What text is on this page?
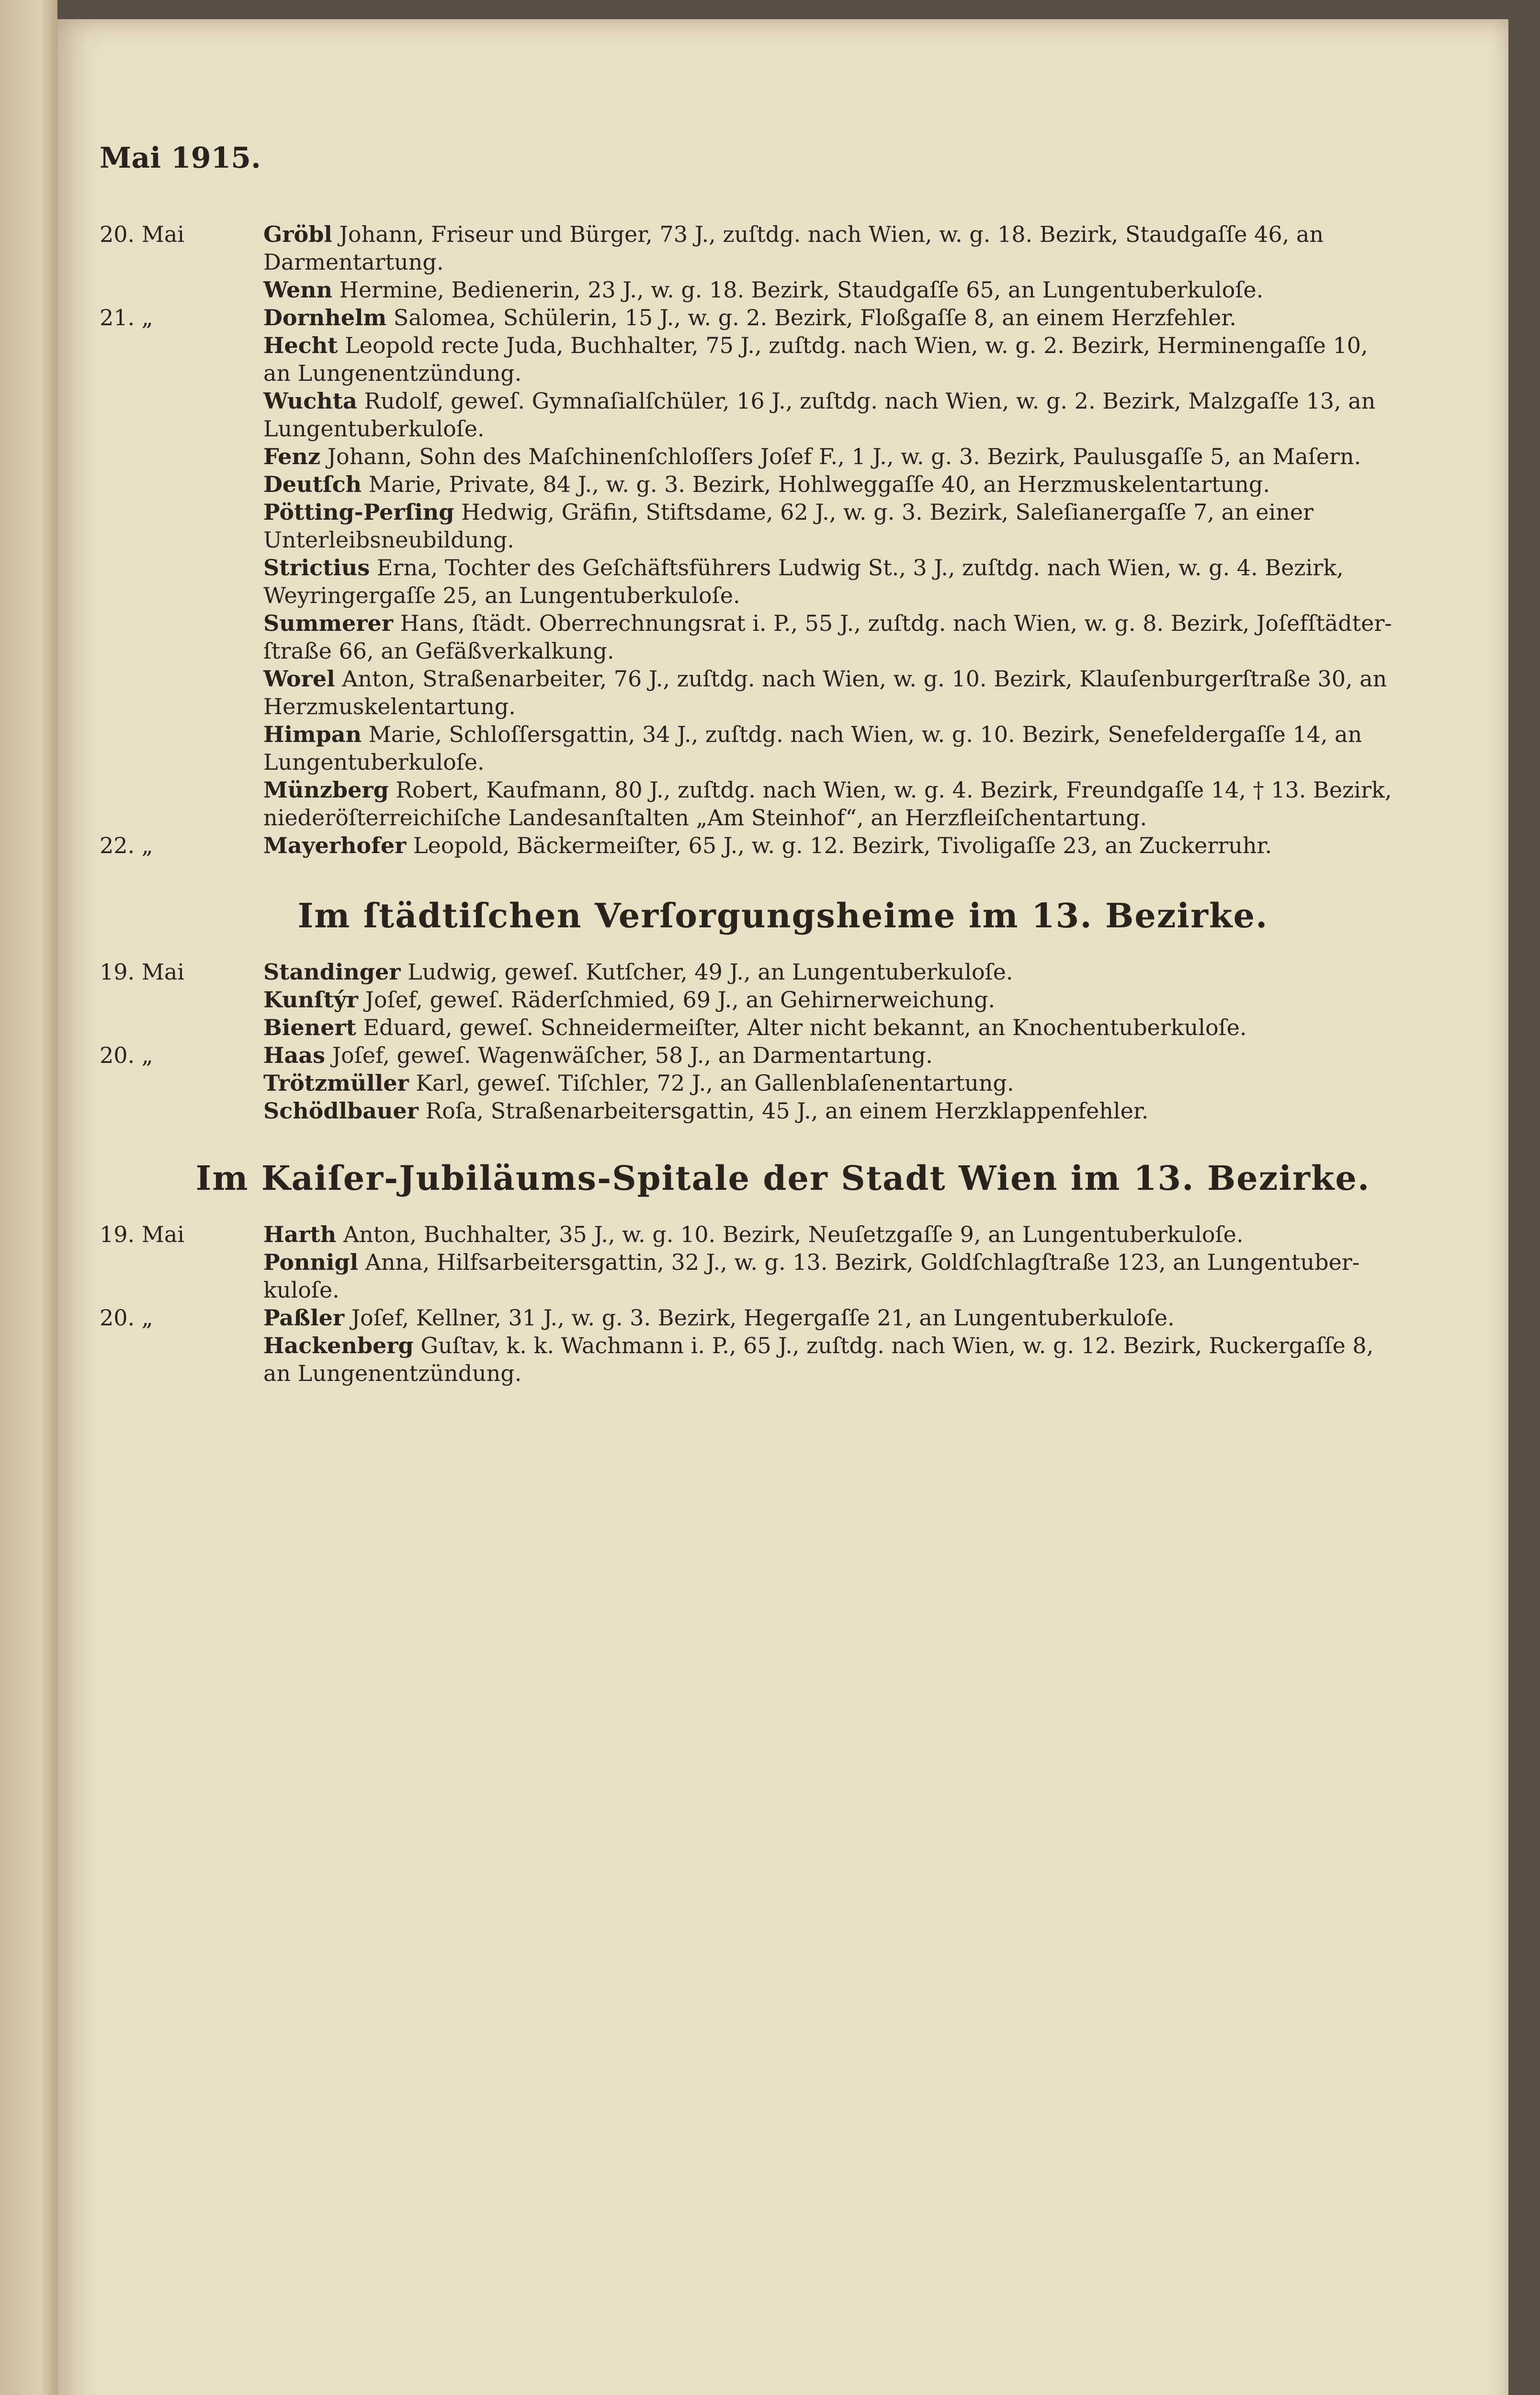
Mai 1915.
20. Mai	Gröbl Johann, Friseur und Bürger, 73 J., zuſtdg. nach Wien, w. g. 18. Bezirk, Staudgaſſe 46, an
Darmentartung.
Wenn Hermine, Bedienerin, 23 J., w. g. 18. Bezirk, Staudgaſſe 65, an Lungentuberkuloſe.
21. „	Dornhelm Salomea, Schülerin, 15 J., w. g. 2. Bezirk, Floßgaſſe 8, an einem Herzfehler.
Hecht Leopold recte Juda, Buchhalter, 75 J., zuſtdg. nach Wien, w. g. 2. Bezirk, Herminengaſſe 10,
an Lungenentzündung.
Wuchta Rudolf, geweſ. Gymnaſialſchüler, 16 J., zuſtdg. nach Wien, w. g. 2. Bezirk, Malzgaſſe 13, an
Lungentuberkuloſe.
Fenz Johann, Sohn des Maſchinenſchloſſers Joſef F., 1 J., w. g. 3. Bezirk, Paulusgaſſe 5, an Maſern.
Deutſch Marie, Private, 84 J., w. g. 3. Bezirk, Hohlweggaſſe 40, an Herzmuskelentartung.
Pötting-Perſing Hedwig, Gräfin, Stiftsdame, 62 J., w. g. 3. Bezirk, Saleſianergaſſe 7, an einer
Unterleibsneubildung.
Strictius Erna, Tochter des Geſchäftsführers Ludwig St., 3 J., zuſtdg. nach Wien, w. g. 4. Bezirk,
Weyringergaſſe 25, an Lungentuberkuloſe.
Summerer Hans, ſtädt. Oberrechnungsrat i. P., 55 J., zuſtdg. nach Wien, w. g. 8. Bezirk, Joſefſtädter-
ſtraße 66, an Gefäßverkalkung.
Worel Anton, Straßenarbeiter, 76 J., zuſtdg. nach Wien, w. g. 10. Bezirk, Klauſenburgerſtraße 30, an
Herzmuskelentartung.
Himpan Marie, Schloſſersgattin, 34 J., zuſtdg. nach Wien, w. g. 10. Bezirk, Senefeldergaſſe 14, an
Lungentuberkuloſe.
Münzberg Robert, Kaufmann, 80 J., zuſtdg. nach Wien, w. g. 4. Bezirk, Freundgaſſe 14, † 13. Bezirk,
niederöſterreichiſche Landesanſtalten „Am Steinhof“, an Herzfleiſchentartung.
22. „	Mayerhofer Leopold, Bäckermeiſter, 65 J., w. g. 12. Bezirk, Tivoligaſſe 23, an Zuckerruhr.
Im ſtädtiſchen Verſorgungsheime im 13. Bezirke.
19. Mai	Standinger Ludwig, geweſ. Kutſcher, 49 J., an Lungentuberkuloſe.
Kunſtýr Joſef, geweſ. Räderſchmied, 69 J., an Gehirnerweichung.
Bienert Eduard, geweſ. Schneidermeiſter, Alter nicht bekannt, an Knochentuberkuloſe.
20. „	Haas Joſef, geweſ. Wagenwäſcher, 58 J., an Darmentartung.
Trötzmüller Karl, geweſ. Tiſchler, 72 J., an Gallenblaſenentartung.
Schödlbauer Roſa, Straßenarbeitersgattin, 45 J., an einem Herzklappenfehler.
Im Kaiſer-Jubiläums-Spitale der Stadt Wien im 13. Bezirke.
19. Mai	Harth Anton, Buchhalter, 35 J., w. g. 10. Bezirk, Neuſetzgaſſe 9, an Lungentuberkuloſe.
Ponnigl Anna, Hilfsarbeitersgattin, 32 J., w. g. 13. Bezirk, Goldſchlagſtraße 123, an Lungentuber-
kuloſe.
20. „	Paßler Joſef, Kellner, 31 J., w. g. 3. Bezirk, Hegergaſſe 21, an Lungentuberkuloſe.
Hackenberg Guſtav, k. k. Wachmann i. P., 65 J., zuſtdg. nach Wien, w. g. 12. Bezirk, Ruckergaſſe 8,
an Lungenentzündung.
